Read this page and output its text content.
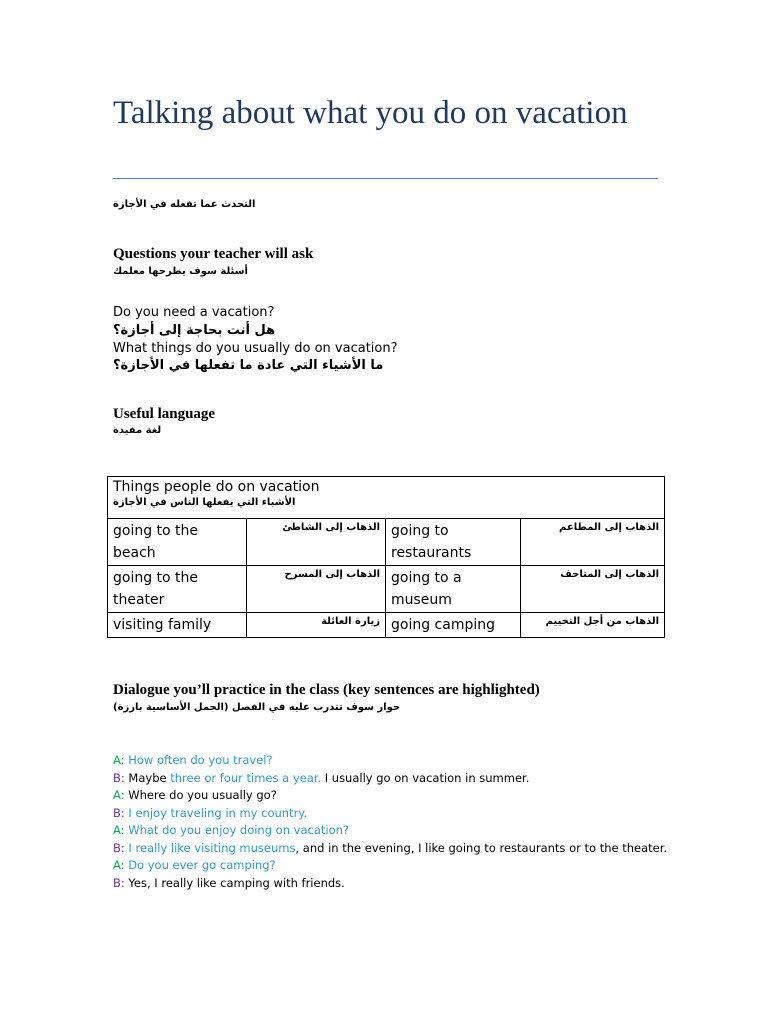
Talking about what you do on vacation
التحدث عما تفعله في الأجازة
Questions your teacher will ask
أسئلة سوف يطرحها معلمك
Do you need a vacation?
هل أنت بحاجة إلى أجازة؟
What things do you usually do on vacation?
ما الأشياء التي عادة ما تفعلها في الأجازة؟
Useful language
لغة مفيدة
Things people do on vacation
الأشياء التي يفعلها الناس في الأجازة			

going to the beach	الذهاب إلى الشاطئ	going to restaurants	الذهاب إلى المطاعم
going to the theater	الذهاب إلى المسرح	going to a museum	الذهاب إلى المتاحف
visiting family	زيارة العائلة	going camping	الذهاب من أجل التخييم
Dialogue you’ll practice in the class (key sentences are highlighted)
حوار سوف تتدرب عليه في الفصل (الجمل الأساسية بارزة)
A: How often do you travel?
B: Maybe three or four times a year. I usually go on vacation in summer.
A: Where do you usually go?
B: I enjoy traveling in my country.
A: What do you enjoy doing on vacation?
B: I really like visiting museums, and in the evening, I like going to restaurants or to the theater.
A: Do you ever go camping?
B: Yes, I really like camping with friends.
